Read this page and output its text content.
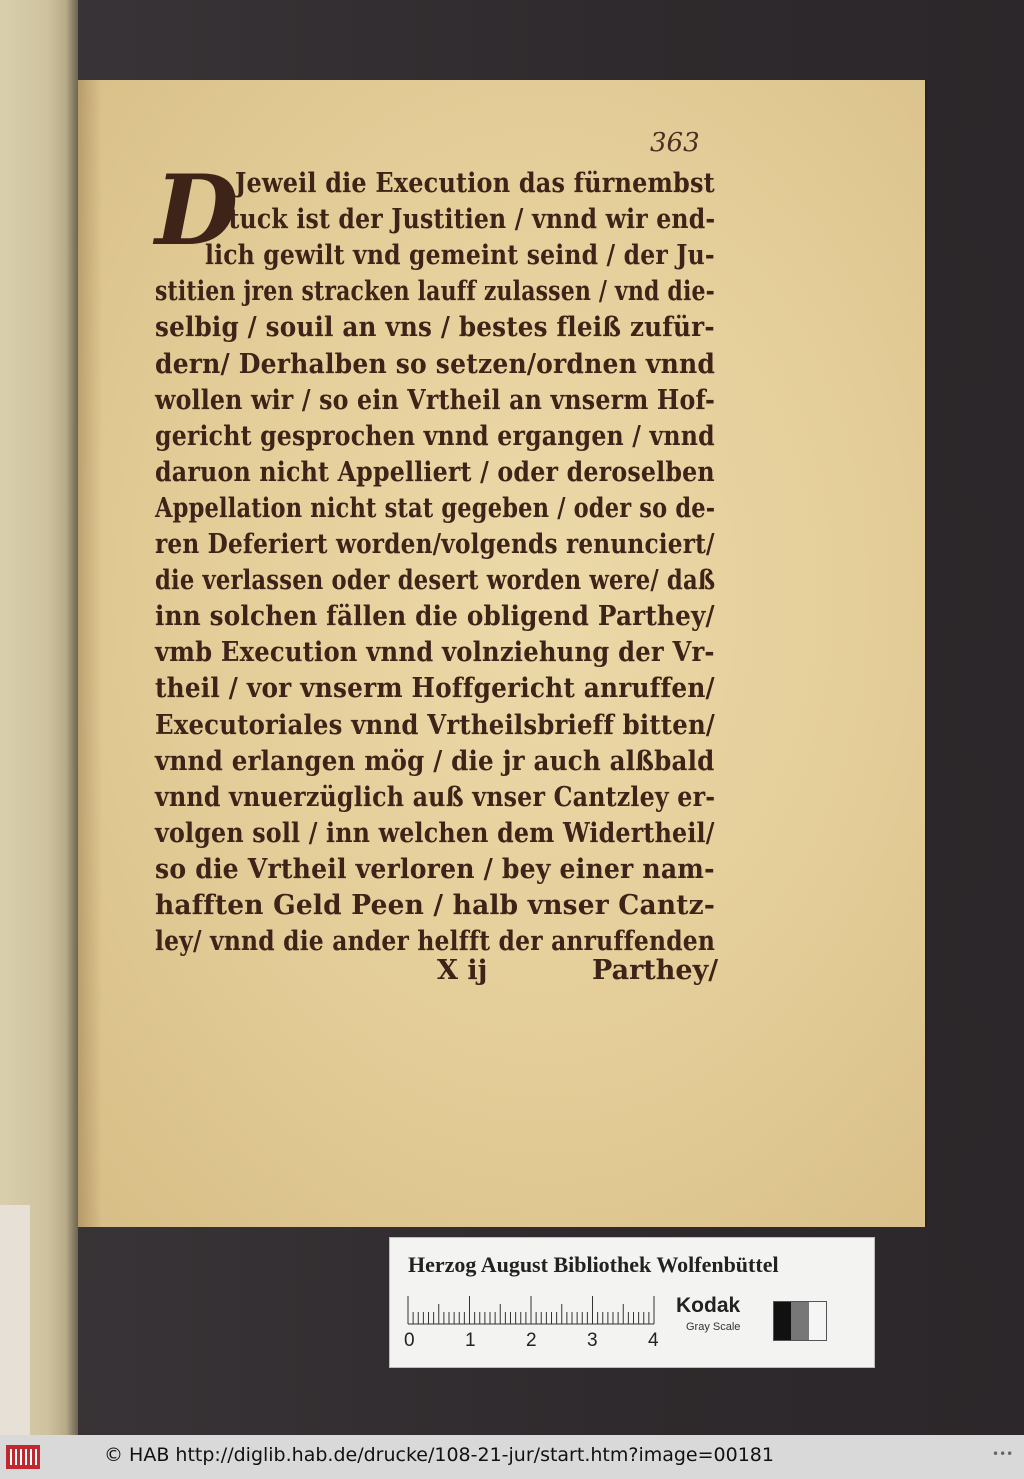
363
D
Jeweil die Execution das fürnembst
stuck ist der Justitien / vnnd wir end-
lich gewilt vnd gemeint seind / der Ju-
stitien jren stracken lauff zulassen / vnd die-
selbig / souil an vns / bestes fleiß zufür-
dern/ Derhalben so setzen/ordnen vnnd
wollen wir / so ein Vrtheil an vnserm Hof-
gericht gesprochen vnnd ergangen / vnnd
daruon nicht Appelliert / oder deroselben
Appellation nicht stat gegeben / oder so de-
ren Deferiert worden/volgends renunciert/
die verlassen oder desert worden were/ daß
inn solchen fällen die obligend Parthey/
vmb Execution vnnd volnziehung der Vr-
theil / vor vnserm Hoffgericht anruffen/
Executoriales vnnd Vrtheilsbrieff bitten/
vnnd erlangen mög / die jr auch alßbald
vnnd vnuerzüglich auß vnser Cantzley er-
volgen soll / inn welchen dem Widertheil/
so die Vrtheil verloren / bey einer nam-
hafften Geld Peen / halb vnser Cantz-
ley/ vnnd die ander helfft der anruffenden
X ij	Parthey/
Herzog August Bibliothek Wolfenbüttel
0	1	2	3	4
Kodak
Gray Scale
© HAB http://diglib.hab.de/drucke/108-21-jur/start.htm?image=00181	•••
